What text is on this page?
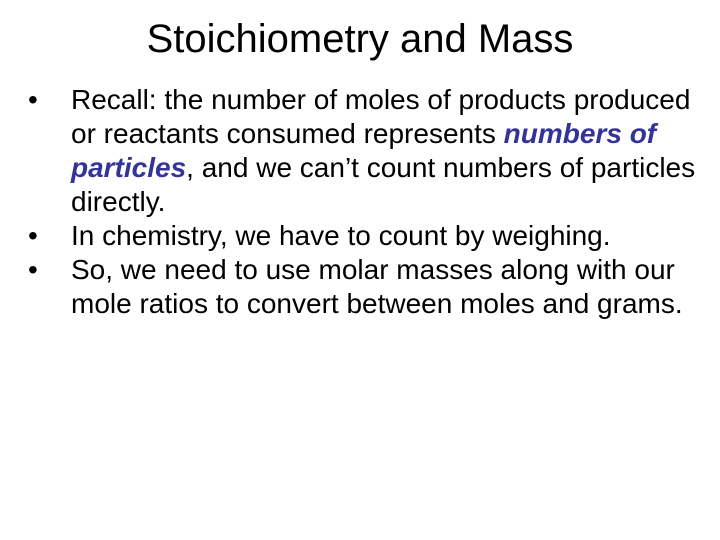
Stoichiometry and Mass
•	Recall: the number of moles of products produced or reactants consumed represents numbers of particles, and we can’t count numbers of particles directly.
•	In chemistry, we have to count by weighing.
•	So, we need to use molar masses along with our mole ratios to convert between moles and grams.
